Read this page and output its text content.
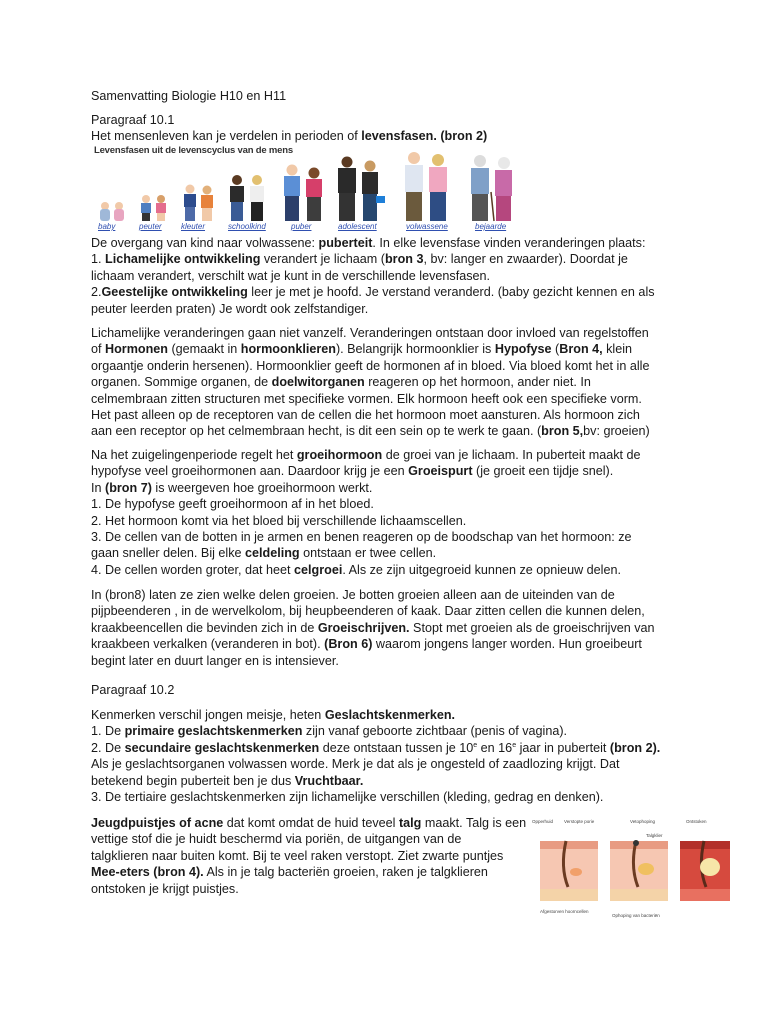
Samenvatting Biologie H10 en H11

Paragraaf 10.1

Het mensenleven kan je verdelen in perioden of levensfasen. (bron 2)

Levensfasen uit de levenscyclus van de mens
baby	peuter kleuter	schoolkind	puber	adolescent	volwassene	bejaarde

De overgang van kind naar volwassene: puberteit. In elke levensfase vinden veranderingen plaats:

1. Lichamelijke ontwikkeling verandert je lichaam (bron 3, bv: langer en zwaarder). Doordat je

lichaam verandert, verschilt wat je kunt in de verschillende levensfasen.

2.Geestelijke ontwikkeling leer je met je hoofd. Je verstand veranderd. (baby gezicht kennen en als

peuter leerden praten) Je wordt ook zelfstandiger.

Lichamelijke veranderingen gaan niet vanzelf. Veranderingen ontstaan door invloed van regelstoffen

of Hormonen (gemaakt in hormoonklieren). Belangrijk hormoonklier is Hypofyse (Bron 4, klein

orgaantje onderin hersenen). Hormoonklier geeft de hormonen af in bloed. Via bloed komt het in alle

organen. Sommige organen, de doelwitorganen reageren op het hormoon, ander niet. In

celmembraan zitten structuren met specifieke vormen. Elk hormoon heeft ook een specifieke vorm.

Het past alleen op de receptoren van de cellen die het hormoon moet aansturen. Als hormoon zich

aan een receptor op het celmembraan hecht, is dit een sein op te werk te gaan. (bron 5,bv: groeien)

Na het zuigelingenperiode regelt het groeihormoon de groei van je lichaam. In puberteit maakt de

hypofyse veel groeihormonen aan. Daardoor krijg je een Groeispurt (je groeit een tijdje snel).

In (bron 7) is weergeven hoe groeihormoon werkt.

1. De hypofyse geeft groeihormoon af in het bloed.

2. Het hormoon komt via het bloed bij verschillende lichaamscellen.

3. De cellen van de botten in je armen en benen reageren op de boodschap van het hormoon: ze

gaan sneller delen. Bij elke celdeling ontstaan er twee cellen.

4. De cellen worden groter, dat heet celgroei. Als ze zijn uitgegroeid kunnen ze opnieuw delen.

In (bron8) laten ze zien welke delen groeien. Je botten groeien alleen aan de uiteinden van de

pijpbeenderen , in de wervelkolom, bij heupbeenderen of kaak. Daar zitten cellen die kunnen delen,

kraakbeencellen die bevinden zich in de Groeischrijven. Stopt met groeien als de groeischrijven van

kraakbeen verkalken (veranderen in bot). (Bron 6) waarom jongens langer worden. Hun groeibeurt

begint later en duurt langer en is intensiever.

Paragraaf 10.2

Kenmerken verschil jongen meisje, heten Geslachtskenmerken.

1. De primaire geslachtskenmerken zijn vanaf geboorte zichtbaar (penis of vagina).

2. De secundaire geslachtskenmerken deze ontstaan tussen je 10e en 16e jaar in puberteit (bron 2).

Als je geslachtsorganen volwassen worde. Merk je dat als je ongesteld of zaadlozing krijgt. Dat

betekend begin puberteit ben je dus Vruchtbaar.

3. De tertiaire geslachtskenmerken zijn lichamelijke verschillen (kleding, gedrag en denken).

Jeugdpuistjes of acne dat komt omdat de huid teveel talg maakt. Talg is een

vettige stof die je huidt beschermd via poriën, de uitgangen van de

talgklieren naar buiten komt. Bij te veel raken verstopt. Ziet zwarte puntjes

Mee-eters (bron 4). Als in je talg bacteriën groeien, raken je talgklieren

ontstoken je krijgt puistjes.

Opperhuid Verstopte porie
Talgklier
Afgestorven hoorncellen
Ophoping van bacteriën
Ontstoken
Vetophoping
